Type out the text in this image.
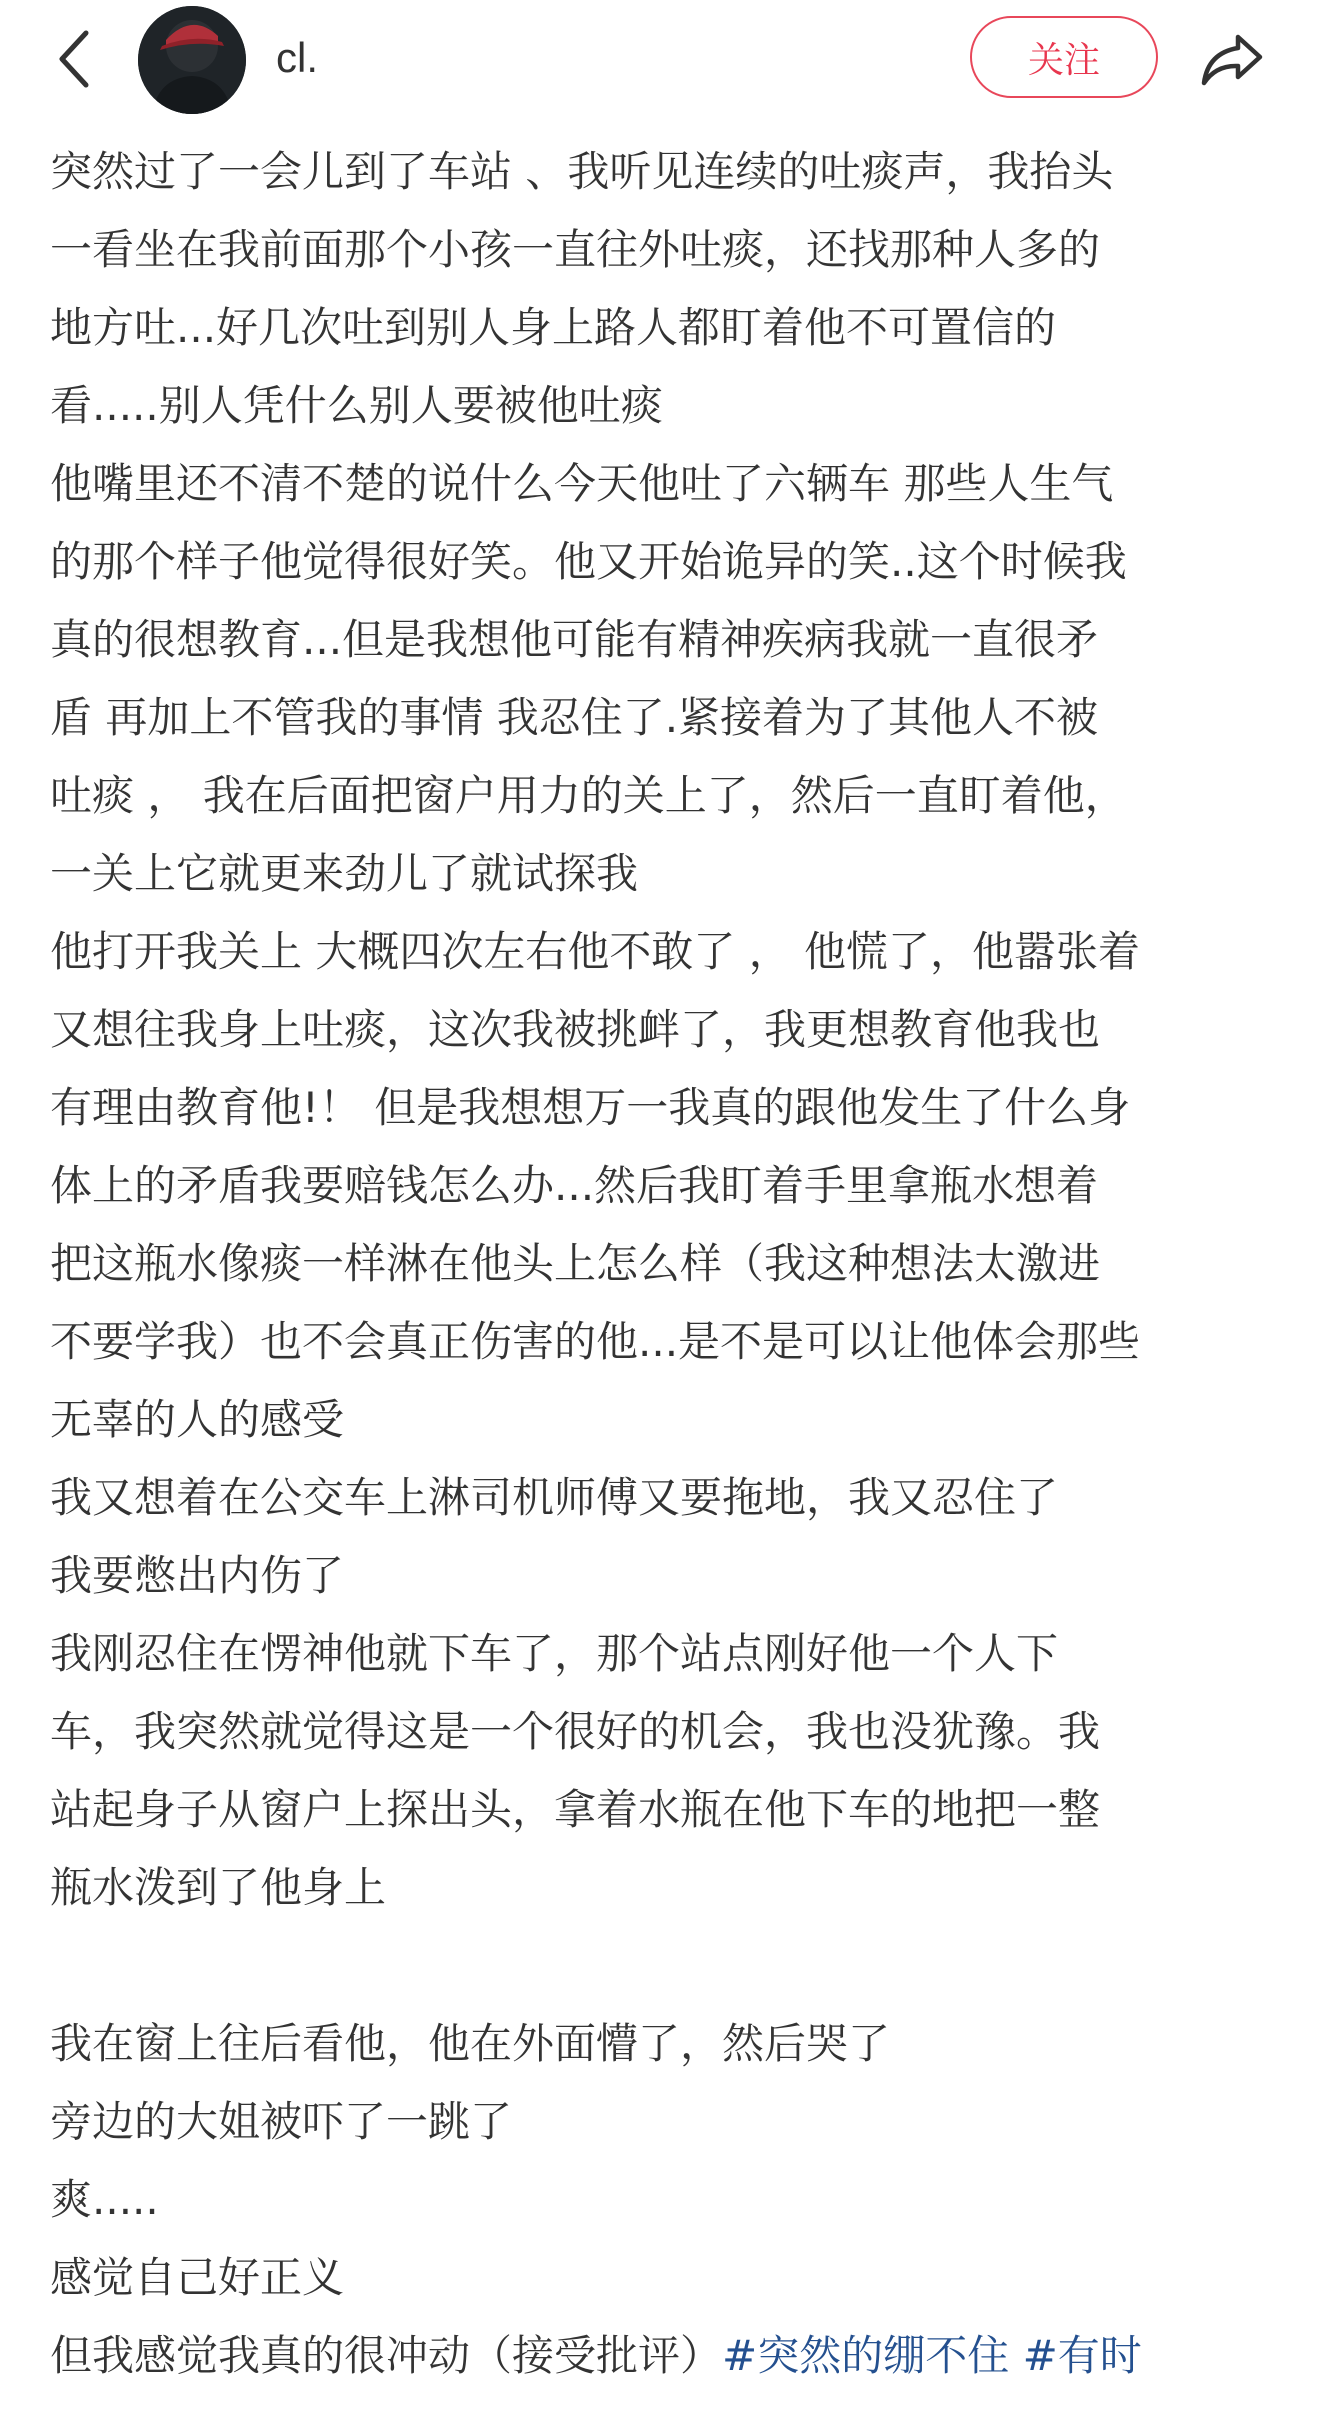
cl.	关注
突然过了一会儿到了车站 、我听见连续的吐痰声，我抬头
一看坐在我前面那个小孩一直往外吐痰，还找那种人多的
地方吐...好几次吐到别人身上路人都盯着他不可置信的
看.....别人凭什么别人要被他吐痰
他嘴里还不清不楚的说什么今天他吐了六辆车 那些人生气
的那个样子他觉得很好笑。他又开始诡异的笑..这个时候我
真的很想教育...但是我想他可能有精神疾病我就一直很矛
盾 再加上不管我的事情 我忍住了.紧接着为了其他人不被
吐痰 ， 我在后面把窗户用力的关上了，然后一直盯着他，
一关上它就更来劲儿了就试探我
他打开我关上 大概四次左右他不敢了 ， 他慌了，他嚣张着
又想往我身上吐痰，这次我被挑衅了，我更想教育他我也
有理由教育他!！ 但是我想想万一我真的跟他发生了什么身
体上的矛盾我要赔钱怎么办...然后我盯着手里拿瓶水想着
把这瓶水像痰一样淋在他头上怎么样（我这种想法太激进
不要学我）也不会真正伤害的他...是不是可以让他体会那些
无辜的人的感受
我又想着在公交车上淋司机师傅又要拖地，我又忍住了
我要憋出内伤了
我刚忍住在愣神他就下车了，那个站点刚好他一个人下
车，我突然就觉得这是一个很好的机会，我也没犹豫。我
站起身子从窗户上探出头，拿着水瓶在他下车的地把一整
瓶水泼到了他身上
我在窗上往后看他，他在外面懵了，然后哭了
旁边的大姐被吓了一跳了
爽.....
感觉自己好正义
但我感觉我真的很冲动（接受批评）#突然的绷不住 #有时
